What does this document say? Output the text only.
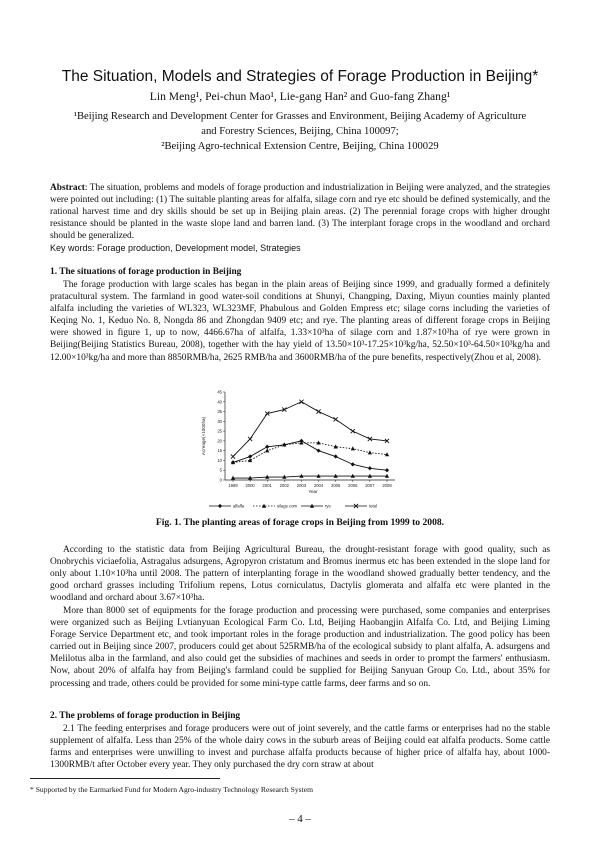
The Situation, Models and Strategies of Forage Production in Beijing*
Lin Meng¹, Pei-chun Mao¹, Lie-gang Han² and Guo-fang Zhang¹
¹Beijing Research and Development Center for Grasses and Environment, Beijing Academy of Agriculture
and Forestry Sciences, Beijing, China 100097;
²Beijing Agro-technical Extension Centre, Beijing, China 100029

Abstract: The situation, problems and models of forage production and industrialization in Beijing were analyzed, and the strategies were pointed out including: (1) The suitable planting areas for alfalfa, silage corn and rye etc should be defined systemically, and the rational harvest time and dry skills should be set up in Beijing plain areas. (2) The perennial forage crops with higher drought resistance should be planted in the waste slope land and barren land. (3) The interplant forage crops in the woodland and orchard should be generalized.
Key words: Forage production, Development model, Strategies

1. The situations of forage production in Beijing

The forage production with large scales has began in the plain areas of Beijing since 1999, and gradually formed a definitely pratacultural system. The farmland in good water-soil conditions at Shunyi, Changping, Daxing, Miyun counties mainly planted alfalfa including the varieties of WL323, WL323MF, Phabulous and Golden Empress etc; silage corns including the varieties of Keqing No. 1, Keduo No. 8, Nongda 86 and Zhongdan 9409 etc; and rye. The planting areas of different forage crops in Beijing were showed in figure 1, up to now, 4466.67ha of alfalfa, 1.33×10³ha of silage corn and 1.87×10³ha of rye were grown in Beijing(Beijing Statistics Bureau, 2008), together with the hay yield of 13.50×10³-17.25×10³kg/ha, 52.50×10³-64.50×10³kg/ha and 12.00×10³kg/ha and more than 8850RMB/ha, 2625 RMB/ha and 3600RMB/ha of the pure benefits, respectively(Zhou et al, 2008).

Acreage(×1000ha)
Year
0
5
10
15
20
25
30
35
40
45
1999 2000 2001 2002 2003 2004 2005 2006 2007 2008
alfalfa	silage corn	rye	total
Fig. 1. The planting areas of forage crops in Beijing from 1999 to 2008.

According to the statistic data from Beijing Agricultural Bureau, the drought-resistant forage with good quality, such as Onobrychis viciaefolia, Astragalus adsurgens, Agropyron cristatum and Bromus inermus etc has been extended in the slope land for only about 1.10×10³ha until 2008. The pattern of interplanting forage in the woodland showed gradually better tendency, and the good orchard grasses including Trifolium repens, Lotus corniculatus, Dactylis glomerata and alfalfa etc were planted in the woodland and orchard about 3.67×10³ha.

More than 8000 set of equipments for the forage production and processing were purchased, some companies and enterprises were organized such as Beijing Lvtianyuan Ecological Farm Co. Ltd, Beijing Haobangjin Alfalfa Co. Ltd, and Beijing Liming Forage Service Department etc, and took important roles in the forage production and industrialization. The good policy has been carried out in Beijing since 2007, producers could get about 525RMB/ha of the ecological subsidy to plant alfalfa, A. adsurgens and Melilotus alba in the farmland, and also could get the subsidies of machines and seeds in order to prompt the farmers' enthusiasm. Now, about 20% of alfalfa hay from Beijing's farmland could be supplied for Beijing Sanyuan Group Co. Ltd., about 35% for processing and trade, others could be provided for some mini-type cattle farms, deer farms and so on.

2. The problems of forage production in Beijing

2.1 The feeding enterprises and forage producers were out of joint severely, and the cattle farms or enterprises had no the stable supplement of alfalfa. Less than 25% of the whole dairy cows in the suburb areas of Beijing could eat alfalfa products. Some cattle farms and enterprises were unwilling to invest and purchase alfalfa products because of higher price of alfalfa hay, about 1000-1300RMB/t after October every year. They only purchased the dry corn straw at about

* Supported by the Earmarked Fund for Modern Agro-industry Technology Research System
– 4 –
